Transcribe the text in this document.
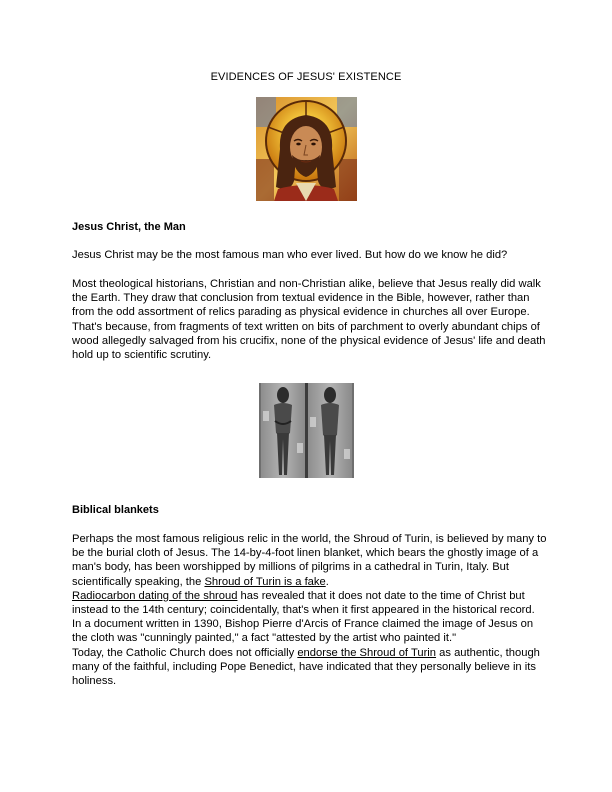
EVIDENCES OF JESUS' EXISTENCE
Jesus Christ, the Man

Jesus Christ may be the most famous man who ever lived. But how do we know he did?

Most theological historians, Christian and non-Christian alike, believe that Jesus really did walk the Earth. They draw that conclusion from textual evidence in the Bible, however, rather than from the odd assortment of relics parading as physical evidence in churches all over Europe. That's because, from fragments of text written on bits of parchment to overly abundant chips of wood allegedly salvaged from his crucifix, none of the physical evidence of Jesus' life and death hold up to scientific scrutiny.

Biblical blankets

Perhaps the most famous religious relic in the world, the Shroud of Turin, is believed by many to be the burial cloth of Jesus. The 14-by-4-foot linen blanket, which bears the ghostly image of a man's body, has been worshipped by millions of pilgrims in a cathedral in Turin, Italy. But scientifically speaking, the Shroud of Turin is a fake.
Radiocarbon dating of the shroud has revealed that it does not date to the time of Christ but instead to the 14th century; coincidentally, that's when it first appeared in the historical record. In a document written in 1390, Bishop Pierre d'Arcis of France claimed the image of Jesus on the cloth was "cunningly painted," a fact "attested by the artist who painted it."

Today, the Catholic Church does not officially endorse the Shroud of Turin as authentic, though many of the faithful, including Pope Benedict, have indicated that they personally believe in its holiness.
